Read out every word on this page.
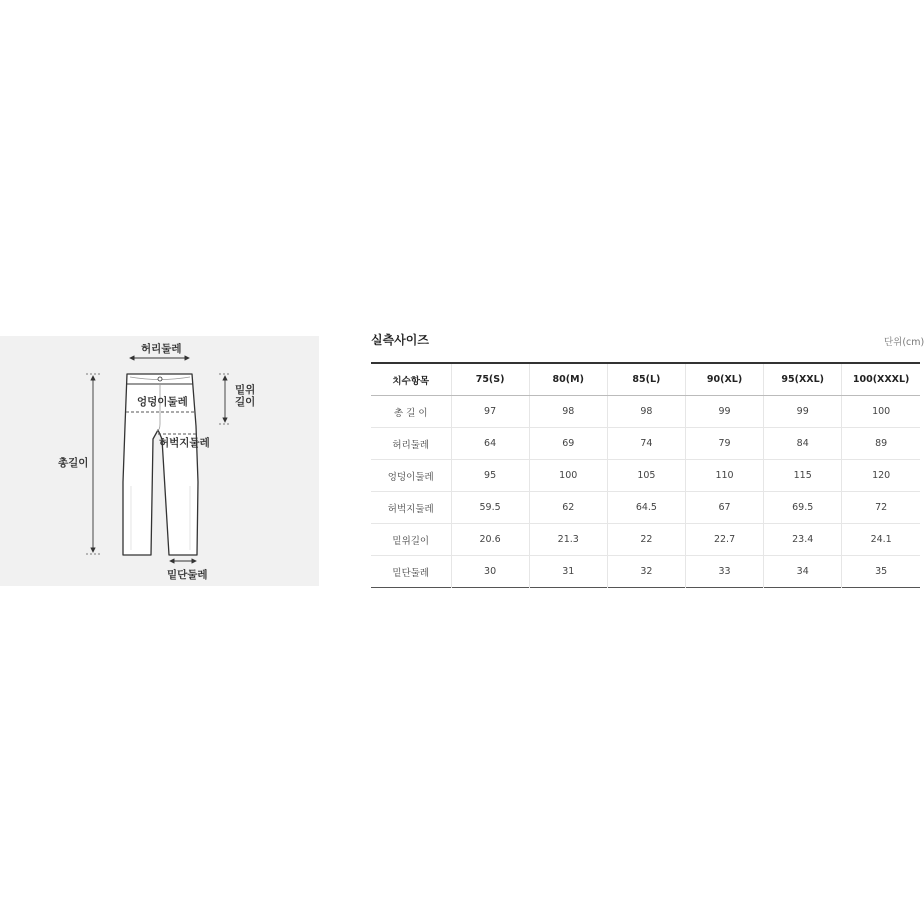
허리둘레
엉덩이둘레
허벅지둘레
밑위
길이
총길이
밑단둘레
실측사이즈	단위(cm)
치수항목	75(S)	80(M)	85(L)	90(XL)	95(XXL)	100(XXXL)
총 길 이	97	98	98	99	99	100
허리둘레	64	69	74	79	84	89
엉덩이둘레	95	100	105	110	115	120
허벅지둘레	59.5	62	64.5	67	69.5	72
밑위길이	20.6	21.3	22	22.7	23.4	24.1
밑단둘레	30	31	32	33	34	35
